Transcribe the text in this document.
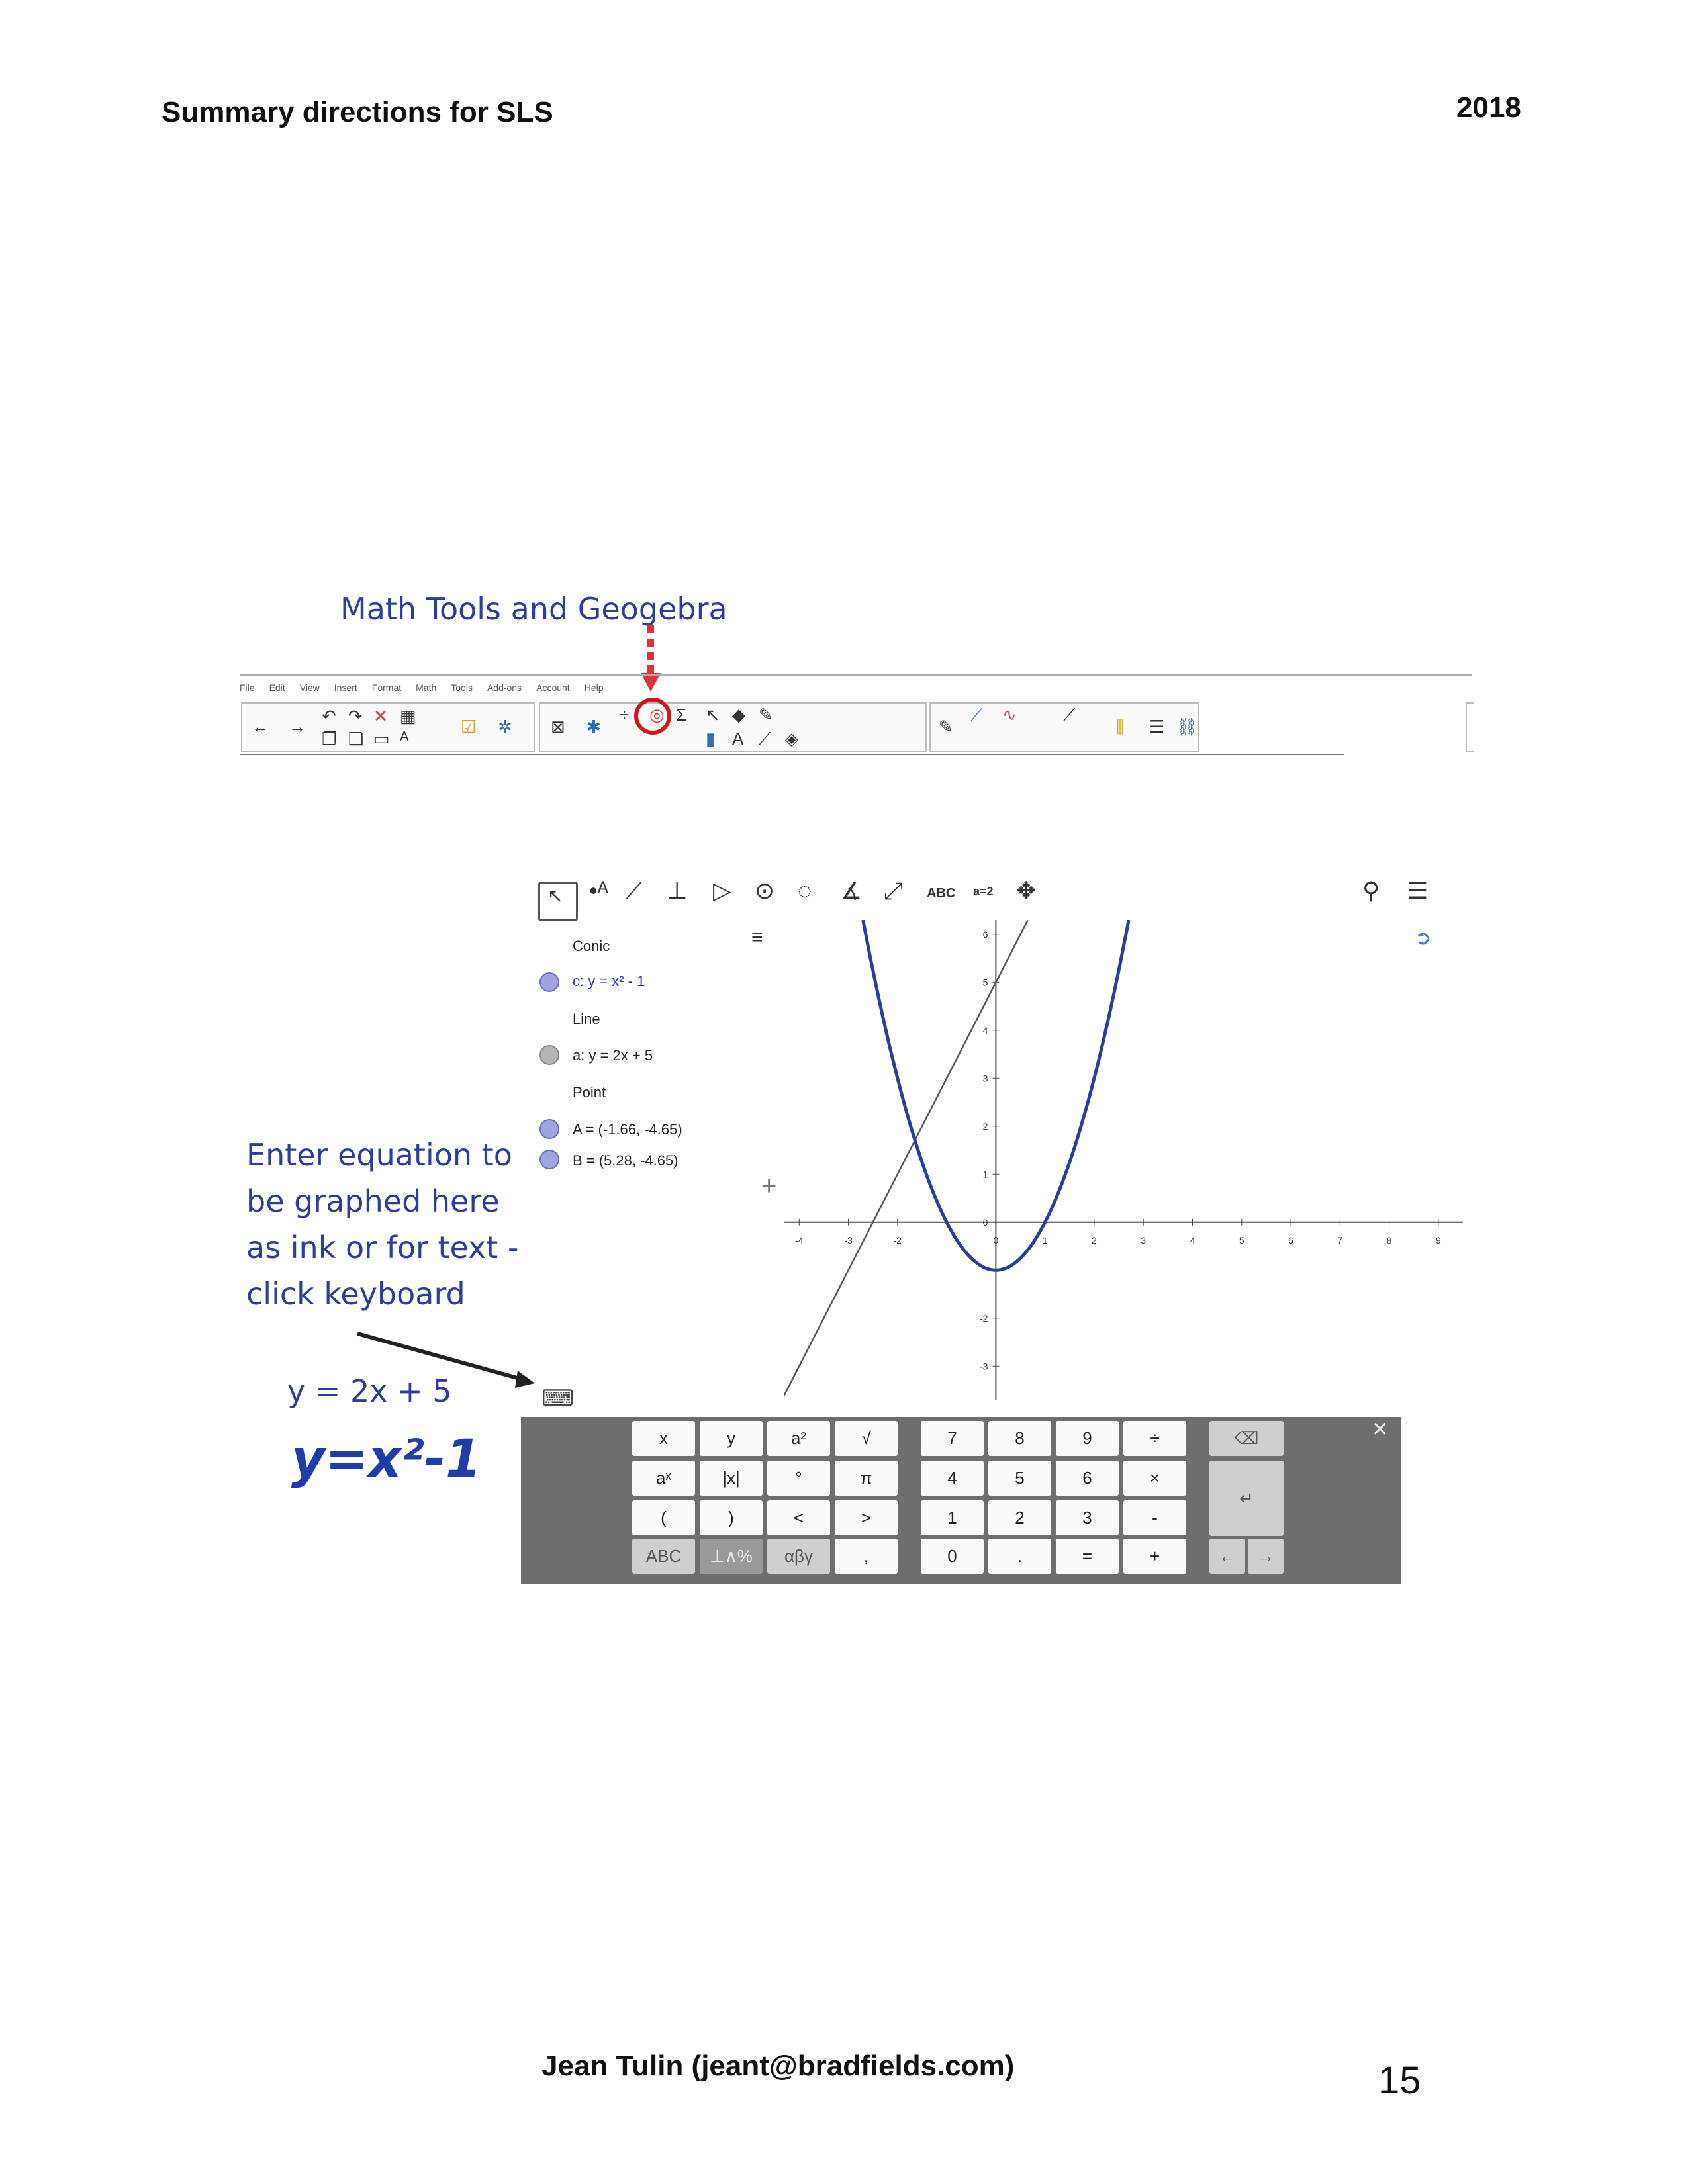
Summary directions for SLS	2018
Math Tools and Geogebra
File Edit View Insert Format Math Tools Add-ons Account Help
← →
↶ ↷ ✕ ▦
❐ ❏ ▭ A	☑ ✲ ⊠ ✱
÷ ◎ Σ ↖ ◆ ✎
▮ A ⟋ ◈
✎
⟋ ∿	⟋
⫼ ☰ ⛓
↖ •ᴬ ⟋ ⊥ ▷ ⊙ ◌ ∡ ⤢ ABC a=2 ✥	⚲ ☰
➲
≡
Conic
c: y = x² - 1
Line
a: y = 2x + 5
Point
A = (-1.66, -4.65)
B = (5.28, -4.65)
+
-4	-3	-2	0	1	2	3	4	5	6	7	8	9
6
5
4
3
2
1
0
-2
-3
Enter equation to
be graphed here
as ink or for text -
click keyboard
⌨
y = 2x + 5
y=x²-1	x	y	a²	√	7	8	9	÷
aˣ	|x|	°	π	4	5	6	×
(	)	<	>	1	2	3	-
ABC	⊥∧%	αβγ	,	0	.	=	+
⌫
↵
←	→
×
Jean Tulin (jeant@bradfields.com)	15
